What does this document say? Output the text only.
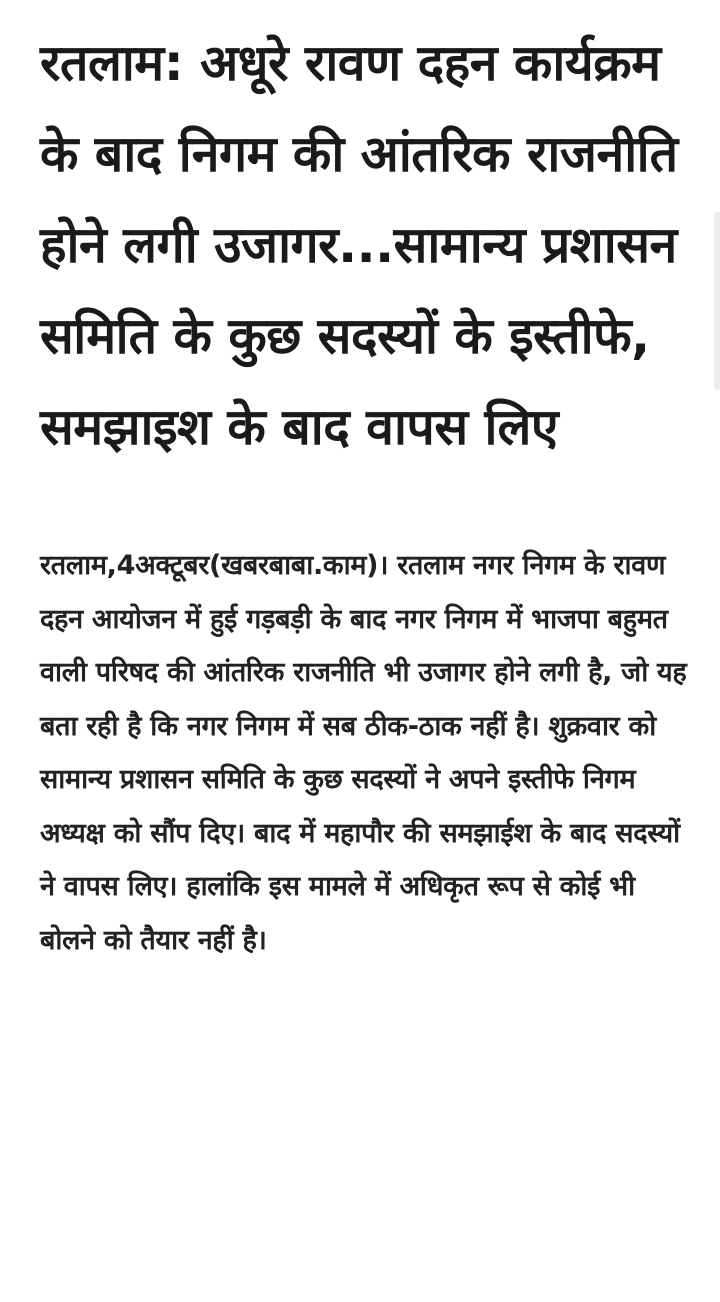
रतलाम: अधूरे रावण दहन कार्यक्रम के बाद निगम की आंतरिक राजनीति होने लगी उजागर...सामान्य प्रशासन समिति के कुछ सदस्यों के इस्तीफे, समझाइश के बाद वापस लिए

रतलाम,4अक्टूबर(खबरबाबा.काम)। रतलाम नगर निगम के रावण दहन आयोजन में हुई गड़बड़ी के बाद नगर निगम में भाजपा बहुमत वाली परिषद की आंतरिक राजनीति भी उजागर होने लगी है, जो यह बता रही है कि नगर निगम में सब ठीक-ठाक नहीं है। शुक्रवार को सामान्य प्रशासन समिति के कुछ सदस्यों ने अपने इस्तीफे निगम अध्यक्ष को सौंप दिए। बाद में महापौर की समझाईश के बाद सदस्यों ने वापस लिए। हालांकि इस मामले में अधिकृत रूप से कोई भी बोलने को तैयार नहीं है।
